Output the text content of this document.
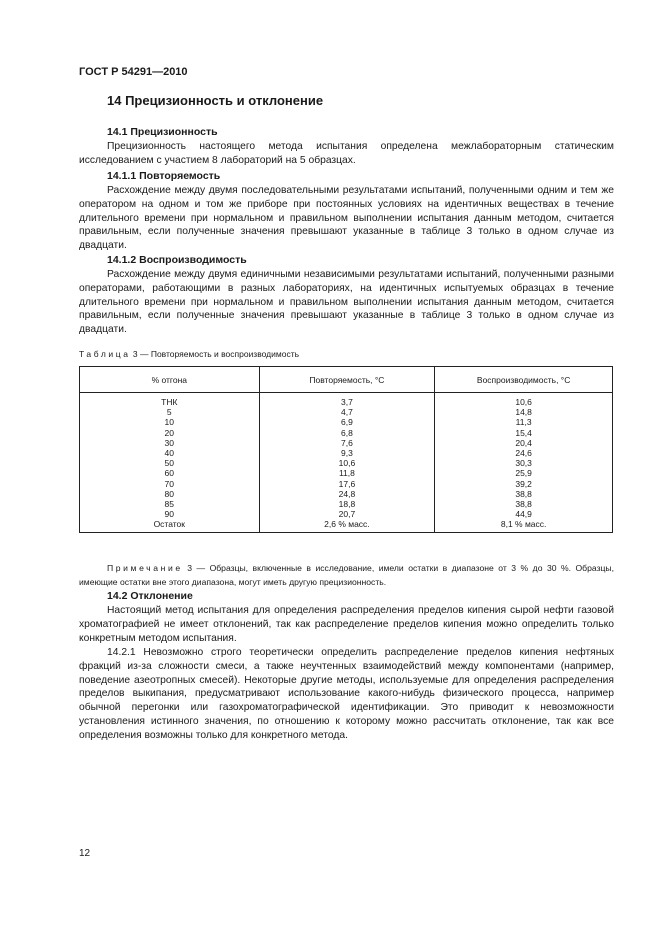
ГОСТ Р 54291—2010
14 Прецизионность и отклонение
14.1 Прецизионность
Прецизионность настоящего метода испытания определена межлабораторным статическим исследованием с участием 8 лабораторий на 5 образцах.
14.1.1 Повторяемость
Расхождение между двумя последовательными результатами испытаний, полученными одним и тем же оператором на одном и том же приборе при постоянных условиях на идентичных веществах в течение длительного времени при нормальном и правильном выполнении испытания данным методом, считается правильным, если полученные значения превышают указанные в таблице 3 только в одном случае из двадцати.
14.1.2 Воспроизводимость
Расхождение между двумя единичными независимыми результатами испытаний, полученными разными операторами, работающими в разных лабораториях, на идентичных испытуемых образцах в течение длительного времени при нормальном и правильном выполнении испытания данным методом, считается правильным, если полученные значения превышают указанные в таблице 3 только в одном случае из двадцати.
Таблица 3 — Повторяемость и воспроизводимость
% отгона	Повторяемость, °С	Воспроизводимость, °С
ТНК	3,7	10,6
5	4,7	14,8
10	6,9	11,3
20	6,8	15,4
30	7,6	20,4
40	9,3	24,6
50	10,6	30,3
60	11,8	25,9
70	17,6	39,2
80	24,8	38,8
85	18,8	38,8
90	20,7	44,9
Остаток	2,6 % масс.	8,1 % масс.
Примечание 3 — Образцы, включенные в исследование, имели остатки в диапазоне от 3 % до 30 %. Образцы, имеющие остатки вне этого диапазона, могут иметь другую прецизионность.
14.2 Отклонение
Настоящий метод испытания для определения распределения пределов кипения сырой нефти газовой хроматографией не имеет отклонений, так как распределение пределов кипения можно определить только конкретным методом испытания.
14.2.1 Невозможно строго теоретически определить распределение пределов кипения нефтяных фракций из-за сложности смеси, а также неучтенных взаимодействий между компонентами (например, поведение азеотропных смесей). Некоторые другие методы, используемые для определения распределения пределов выкипания, предусматривают использование какого-нибудь физического процесса, например обычной перегонки или газохроматографической идентификации. Это приводит к невозможности установления истинного значения, по отношению к которому можно рассчитать отклонение, так как все определения возможны только для конкретного метода.
12
